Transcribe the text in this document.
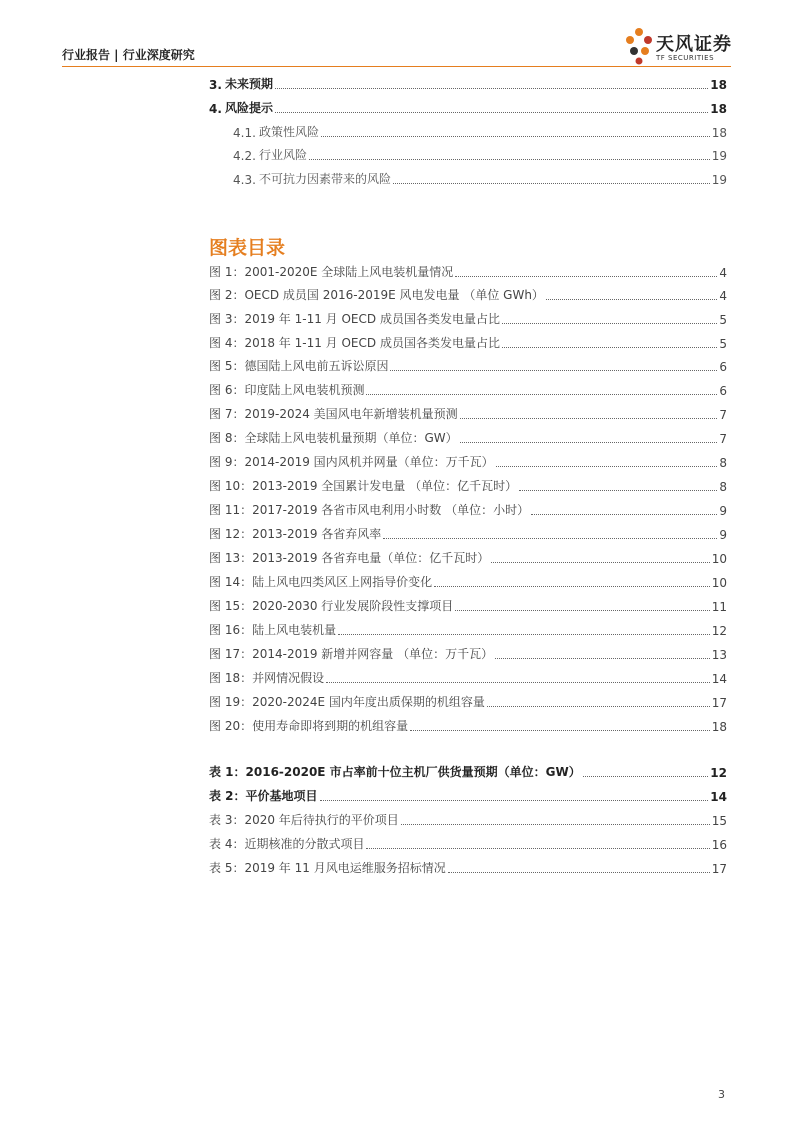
行业报告 | 行业深度研究	天风证券
TF SECURITIES
3. 未来预期	18
4. 风险提示	18
4.1. 政策性风险	18
4.2. 行业风险	19
4.3. 不可抗力因素带来的风险	19
图表目录
图 1：2001-2020E 全球陆上风电装机量情况	4
图 2：OECD 成员国 2016-2019E 风电发电量 （单位 GWh）	4
图 3：2019 年 1-11 月 OECD 成员国各类发电量占比	5
图 4：2018 年 1-11 月 OECD 成员国各类发电量占比	5
图 5：德国陆上风电前五诉讼原因	6
图 6：印度陆上风电装机预测	6
图 7：2019-2024 美国风电年新增装机量预测	7
图 8：全球陆上风电装机量预期（单位：GW）	7
图 9：2014-2019 国内风机并网量（单位：万千瓦）	8
图 10：2013-2019 全国累计发电量 （单位：亿千瓦时）	8
图 11：2017-2019 各省市风电利用小时数 （单位：小时）	9
图 12：2013-2019 各省弃风率	9
图 13：2013-2019 各省弃电量（单位：亿千瓦时）	10
图 14：陆上风电四类风区上网指导价变化	10
图 15：2020-2030 行业发展阶段性支撑项目	11
图 16：陆上风电装机量	12
图 17：2014-2019 新增并网容量 （单位：万千瓦）	13
图 18：并网情况假设	14
图 19：2020-2024E 国内年度出质保期的机组容量	17
图 20：使用寿命即将到期的机组容量	18
表 1：2016-2020E 市占率前十位主机厂供货量预期（单位：GW）	12
表 2：平价基地项目	14
表 3：2020 年后待执行的平价项目	15
表 4：近期核准的分散式项目	16
表 5：2019 年 11 月风电运维服务招标情况	17
3
